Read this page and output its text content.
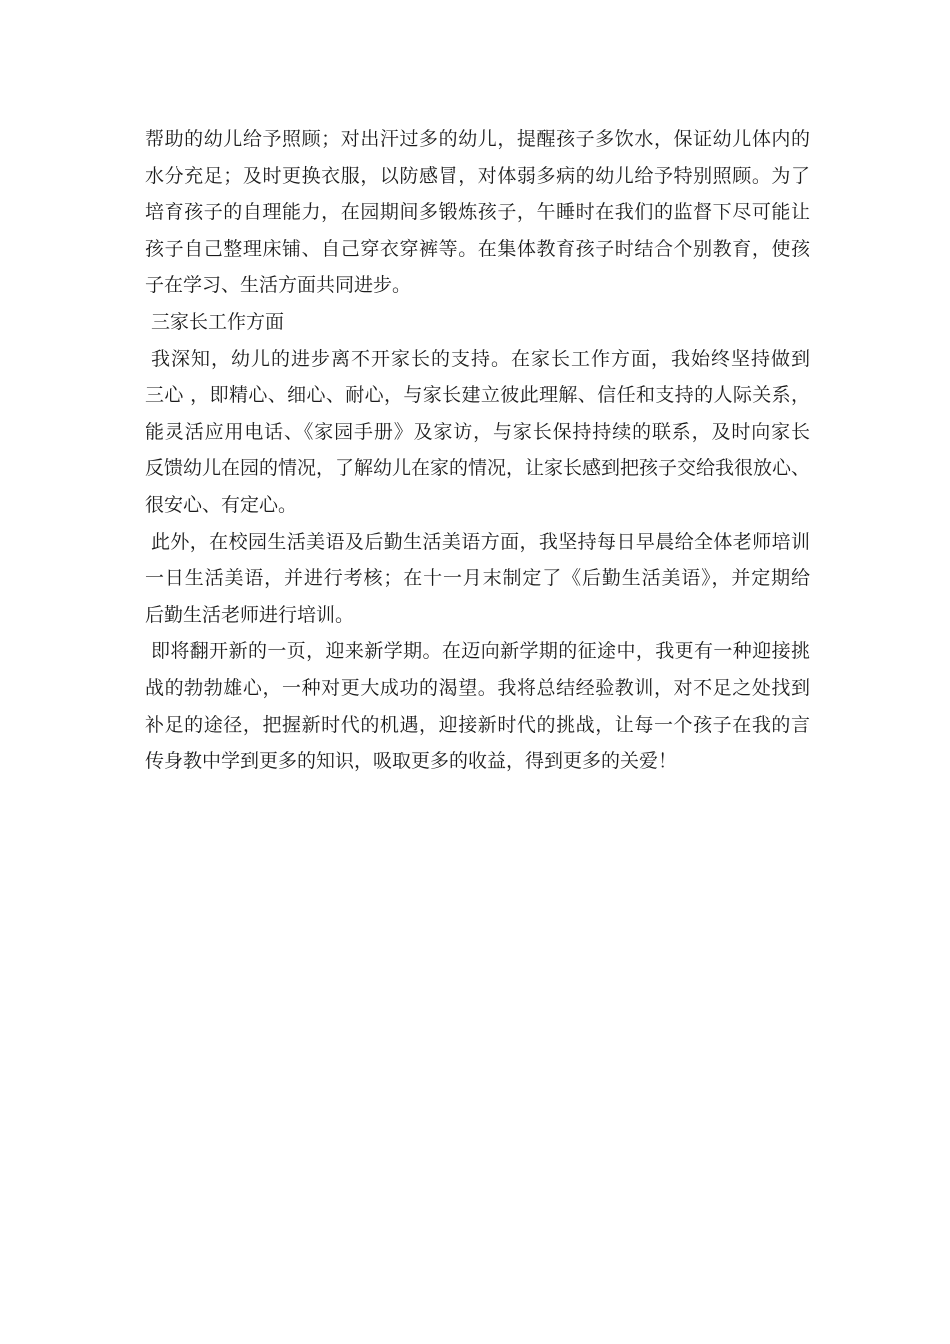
帮助的幼儿给予照顾；对出汗过多的幼儿，提醒孩子多饮水，保证幼儿体内的
水分充足；及时更换衣服，以防感冒，对体弱多病的幼儿给予特别照顾。为了
培育孩子的自理能力，在园期间多锻炼孩子，午睡时在我们的监督下尽可能让
孩子自己整理床铺、自己穿衣穿裤等。在集体教育孩子时结合个别教育，使孩
子在学习、生活方面共同进步。
三家长工作方面
我深知，幼儿的进步离不开家长的支持。在家长工作方面，我始终坚持做到
三心 ，即精心、细心、耐心，与家长建立彼此理解、信任和支持的人际关系，
能灵活应用电话、《家园手册》及家访，与家长保持持续的联系，及时向家长
反馈幼儿在园的情况，了解幼儿在家的情况，让家长感到把孩子交给我很放心、
很安心、有定心。
此外，在校园生活美语及后勤生活美语方面，我坚持每日早晨给全体老师培训
一日生活美语，并进行考核；在十一月末制定了《后勤生活美语》，并定期给
后勤生活老师进行培训。
即将翻开新的一页，迎来新学期。在迈向新学期的征途中，我更有一种迎接挑
战的勃勃雄心，一种对更大成功的渴望。我将总结经验教训，对不足之处找到
补足的途径，把握新时代的机遇，迎接新时代的挑战，让每一个孩子在我的言
传身教中学到更多的知识，吸取更多的收益，得到更多的关爱！
